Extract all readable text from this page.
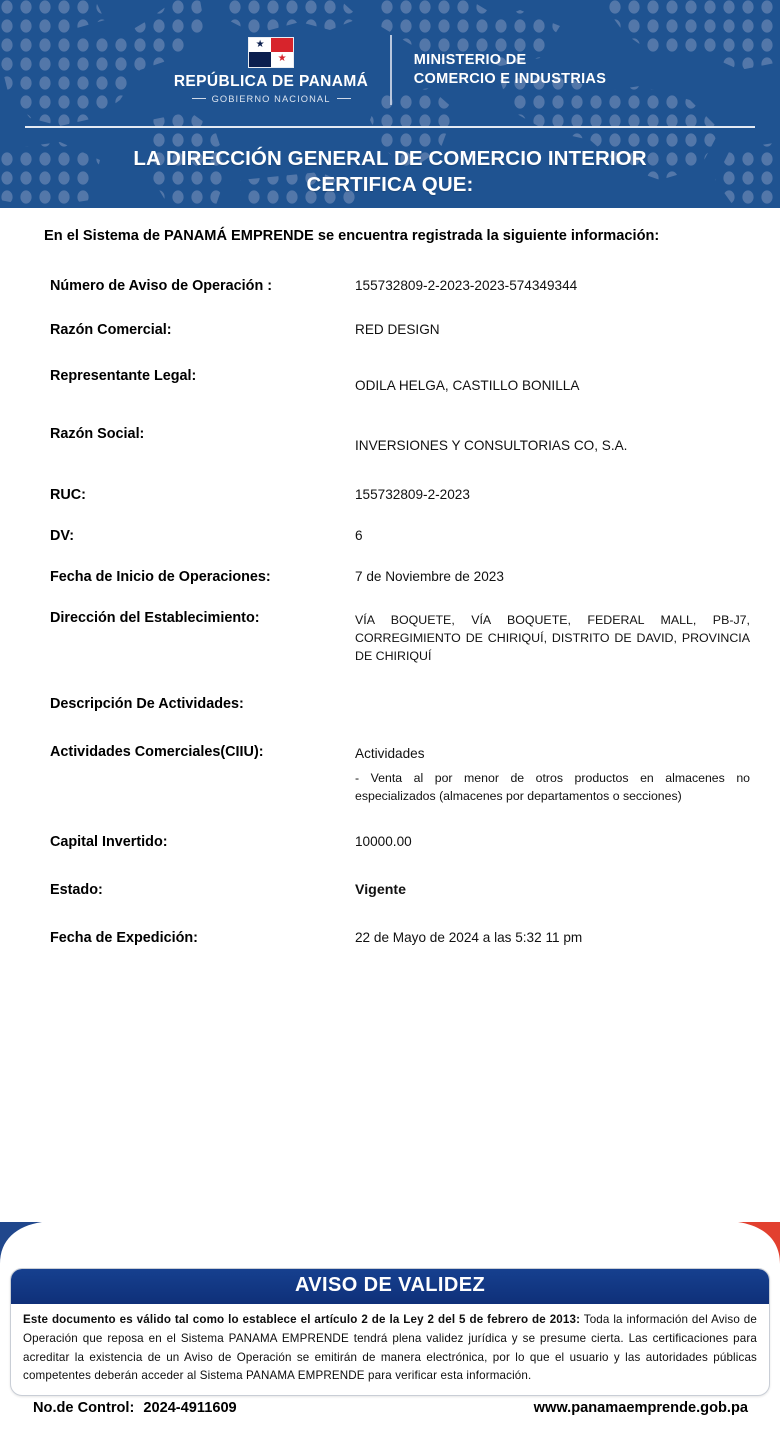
★
★
REPÚBLICA DE PANAMÁ
GOBIERNO NACIONAL
MINISTERIO DE
COMERCIO E INDUSTRIAS
LA DIRECCIÓN GENERAL DE COMERCIO INTERIOR
CERTIFICA QUE:
En el Sistema de PANAMÁ EMPRENDE se encuentra registrada la siguiente información:
Número de Aviso de Operación :	155732809-2-2023-2023-574349344
Razón Comercial:	RED DESIGN
Representante Legal:
ODILA HELGA, CASTILLO BONILLA
Razón Social:
INVERSIONES Y CONSULTORIAS CO, S.A.
RUC:	155732809-2-2023
DV:	6
Fecha de Inicio de Operaciones:	7 de Noviembre de 2023
Dirección del Establecimiento:	VÍA BOQUETE, VÍA BOQUETE, FEDERAL MALL, PB-J7, CORREGIMIENTO DE CHIRIQUÍ, DISTRITO DE DAVID, PROVINCIA DE CHIRIQUÍ
Descripción De Actividades:
Actividades Comerciales(CIIU):	Actividades
- Venta al por menor de otros productos en almacenes no especializados (almacenes por departamentos o secciones)
Capital Invertido:	10000.00
Estado:	Vigente
Fecha de Expedición:	22 de Mayo de 2024 a las 5:32 11 pm
AVISO DE VALIDEZ
Este documento es válido tal como lo establece el artículo 2 de la Ley 2 del 5 de febrero de 2013: Toda la información del Aviso de Operación que reposa en el Sistema PANAMA EMPRENDE tendrá plena validez jurídica y se presume cierta. Las certificaciones para acreditar la existencia de un Aviso de Operación se emitirán de manera electrónica, por lo que el usuario y las autoridades públicas competentes deberán acceder al Sistema PANAMA EMPRENDE para verificar esta información.
No.de Control: 2024-4911609	www.panamaemprende.gob.pa
